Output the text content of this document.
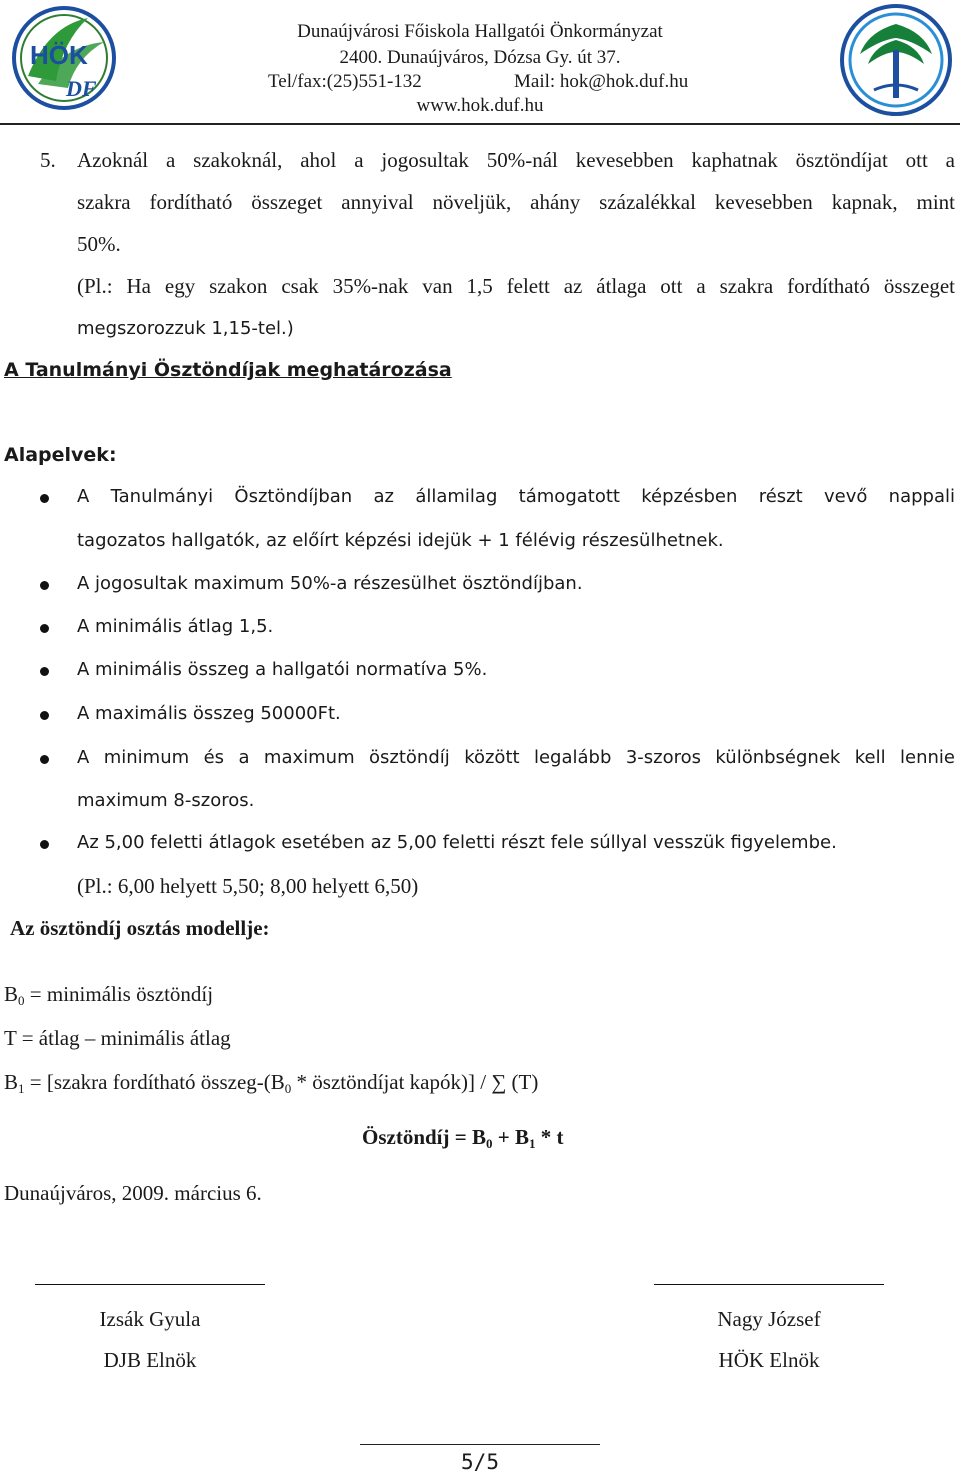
HÖK
DF
Dunaújvárosi Főiskola Hallgatói Önkormányzat
2400. Dunaújváros, Dózsa Gy. út 37.
Tel/fax:(25)551-132	Mail: hok@hok.duf.hu
www.hok.duf.hu
5. Azoknál a szakoknál, ahol a jogosultak 50%-nál kevesebben kaphatnak ösztöndíjat ott a
szakra fordítható összeget annyival növeljük, ahány százalékkal kevesebben kapnak, mint
50%.
(Pl.: Ha egy szakon csak 35%-nak van 1,5 felett az átlaga ott a szakra fordítható összeget
megszorozzuk 1,15-tel.)
A Tanulmányi Ösztöndíjak meghatározása
Alapelvek:
A Tanulmányi Ösztöndíjban az államilag támogatott képzésben részt vevő nappali
tagozatos hallgatók, az előírt képzési idejük + 1 félévig részesülhetnek.
A jogosultak maximum 50%-a részesülhet ösztöndíjban.
A minimális átlag 1,5.
A minimális összeg a hallgatói normatíva 5%.
A maximális összeg 50000Ft.
A minimum és a maximum ösztöndíj között legalább 3-szoros különbségnek kell lennie
maximum 8-szoros.
Az 5,00 feletti átlagok esetében az 5,00 feletti részt fele súllyal vesszük figyelembe.
(Pl.: 6,00 helyett 5,50; 8,00 helyett 6,50)
Az ösztöndíj osztás modellje:
$B_0$ = minimális ösztöndíj
T = átlag – minimális átlag
$B_1$ = [szakra fordítható összeg-($B_0$ * ösztöndíjat kapók)] / ∑ (T)
Ösztöndíj = $B_0 + B_1 * t$
Dunaújváros, 2009. március 6.
Izsák Gyula
DJB Elnök
Nagy József
HÖK Elnök
5/5
